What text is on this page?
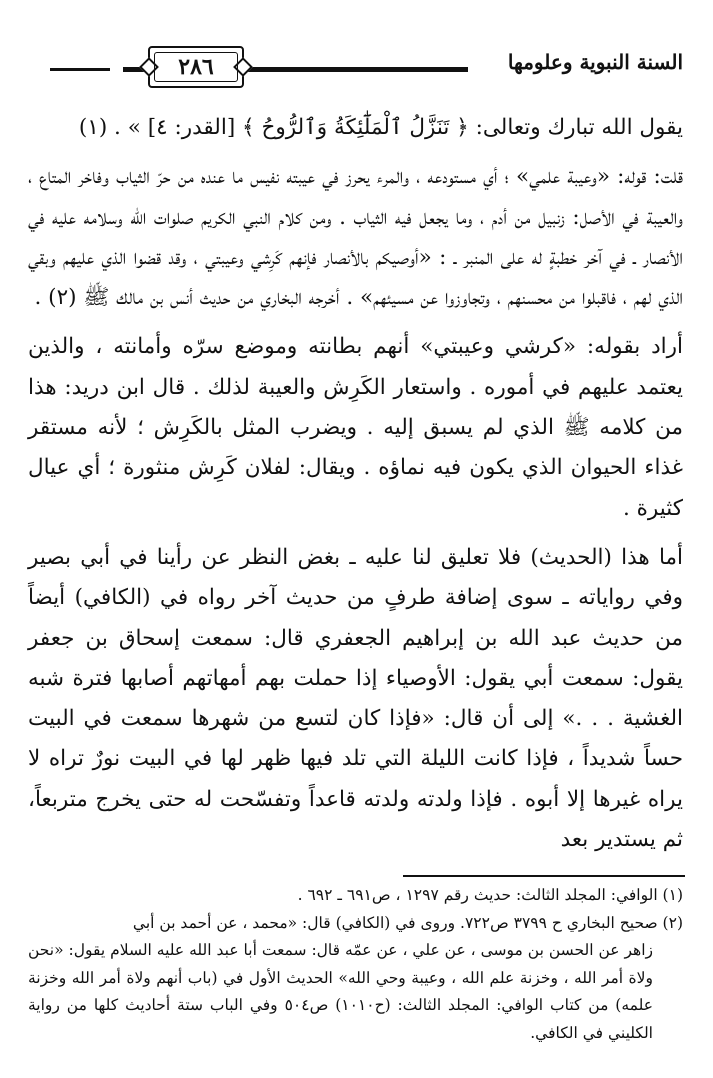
السنة النبوية وعلومها
٢٨٦

يقول الله تبارك وتعالى: ﴿ تَنَزَّلُ ٱلْمَلَٰٓئِكَةُ وَٱلرُّوحُ ﴾ [القدر: ٤] » . (١)

قلت: قوله: «وعيبة علمي» ؛ أي مستودعه ، والمرء يحرز في عيبته نفيس ما عنده من حرّ الثياب وفاخر المتاع ، والعيبة في الأصل: زنبيل من أدم ، وما يجعل فيه الثياب . ومن كلام النبي الكريم صلوات الله وسلامه عليه في الأنصار ـ في آخر خطبةٍ له على المنبر ـ : «أوصيكم بالأنصار فإنهم كَرِشي وعيبتي ، وقد قضوا الذي عليهم وبقي الذي لهم ، فاقبلوا من محسنهم ، وتجاوزوا عن مسيئهم» . أخرجه البخاري من حديث أنس بن مالك ﷺ (٢) .

أراد بقوله: «كرشي وعيبتي» أنهم بطانته وموضع سرّه وأمانته ، والذين يعتمد عليهم في أموره . واستعار الكَرِش والعيبة لذلك . قال ابن دريد: هذا من كلامه ﷺ الذي لم يسبق إليه . ويضرب المثل بالكَرِش ؛ لأنه مستقر غذاء الحيوان الذي يكون فيه نماؤه . ويقال: لفلان كَرِش منثورة ؛ أي عيال كثيرة .

أما هذا (الحديث) فلا تعليق لنا عليه ـ بغض النظر عن رأينا في أبي بصير وفي رواياته ـ سوى إضافة طرفٍ من حديث آخر رواه في (الكافي) أيضاً من حديث عبد الله بن إبراهيم الجعفري قال: سمعت إسحاق بن جعفر يقول: سمعت أبي يقول: الأوصياء إذا حملت بهم أمهاتهم أصابها فترة شبه الغشية . . .» إلى أن قال: «فإذا كان لتسع من شهرها سمعت في البيت حساً شديداً ، فإذا كانت الليلة التي تلد فيها ظهر لها في البيت نورٌ تراه لا يراه غيرها إلا أبوه . فإذا ولدته ولدته قاعداً وتفسّحت له حتى يخرج متربعاً، ثم يستدير بعد

(١) الوافي: المجلد الثالث: حديث رقم ١٢٩٧ ، ص٦٩١ ـ ٦٩٢ .

(٢) صحيح البخاري ح ٣٧٩٩ ص٧٢٢. وروى في (الكافي) قال: «محمد ، عن أحمد بن أبي

زاهر عن الحسن بن موسى ، عن علي ، عن عمّه قال: سمعت أبا عبد الله عليه السلام يقول: «نحن ولاة أمر الله ، وخزنة علم الله ، وعيبة وحي الله» الحديث الأول في (باب أنهم ولاة أمر الله وخزنة علمه) من كتاب الوافي: المجلد الثالث: (ح١٠١٠) ص٥٠٤ وفي الباب ستة أحاديث كلها من رواية الكليني في الكافي.
